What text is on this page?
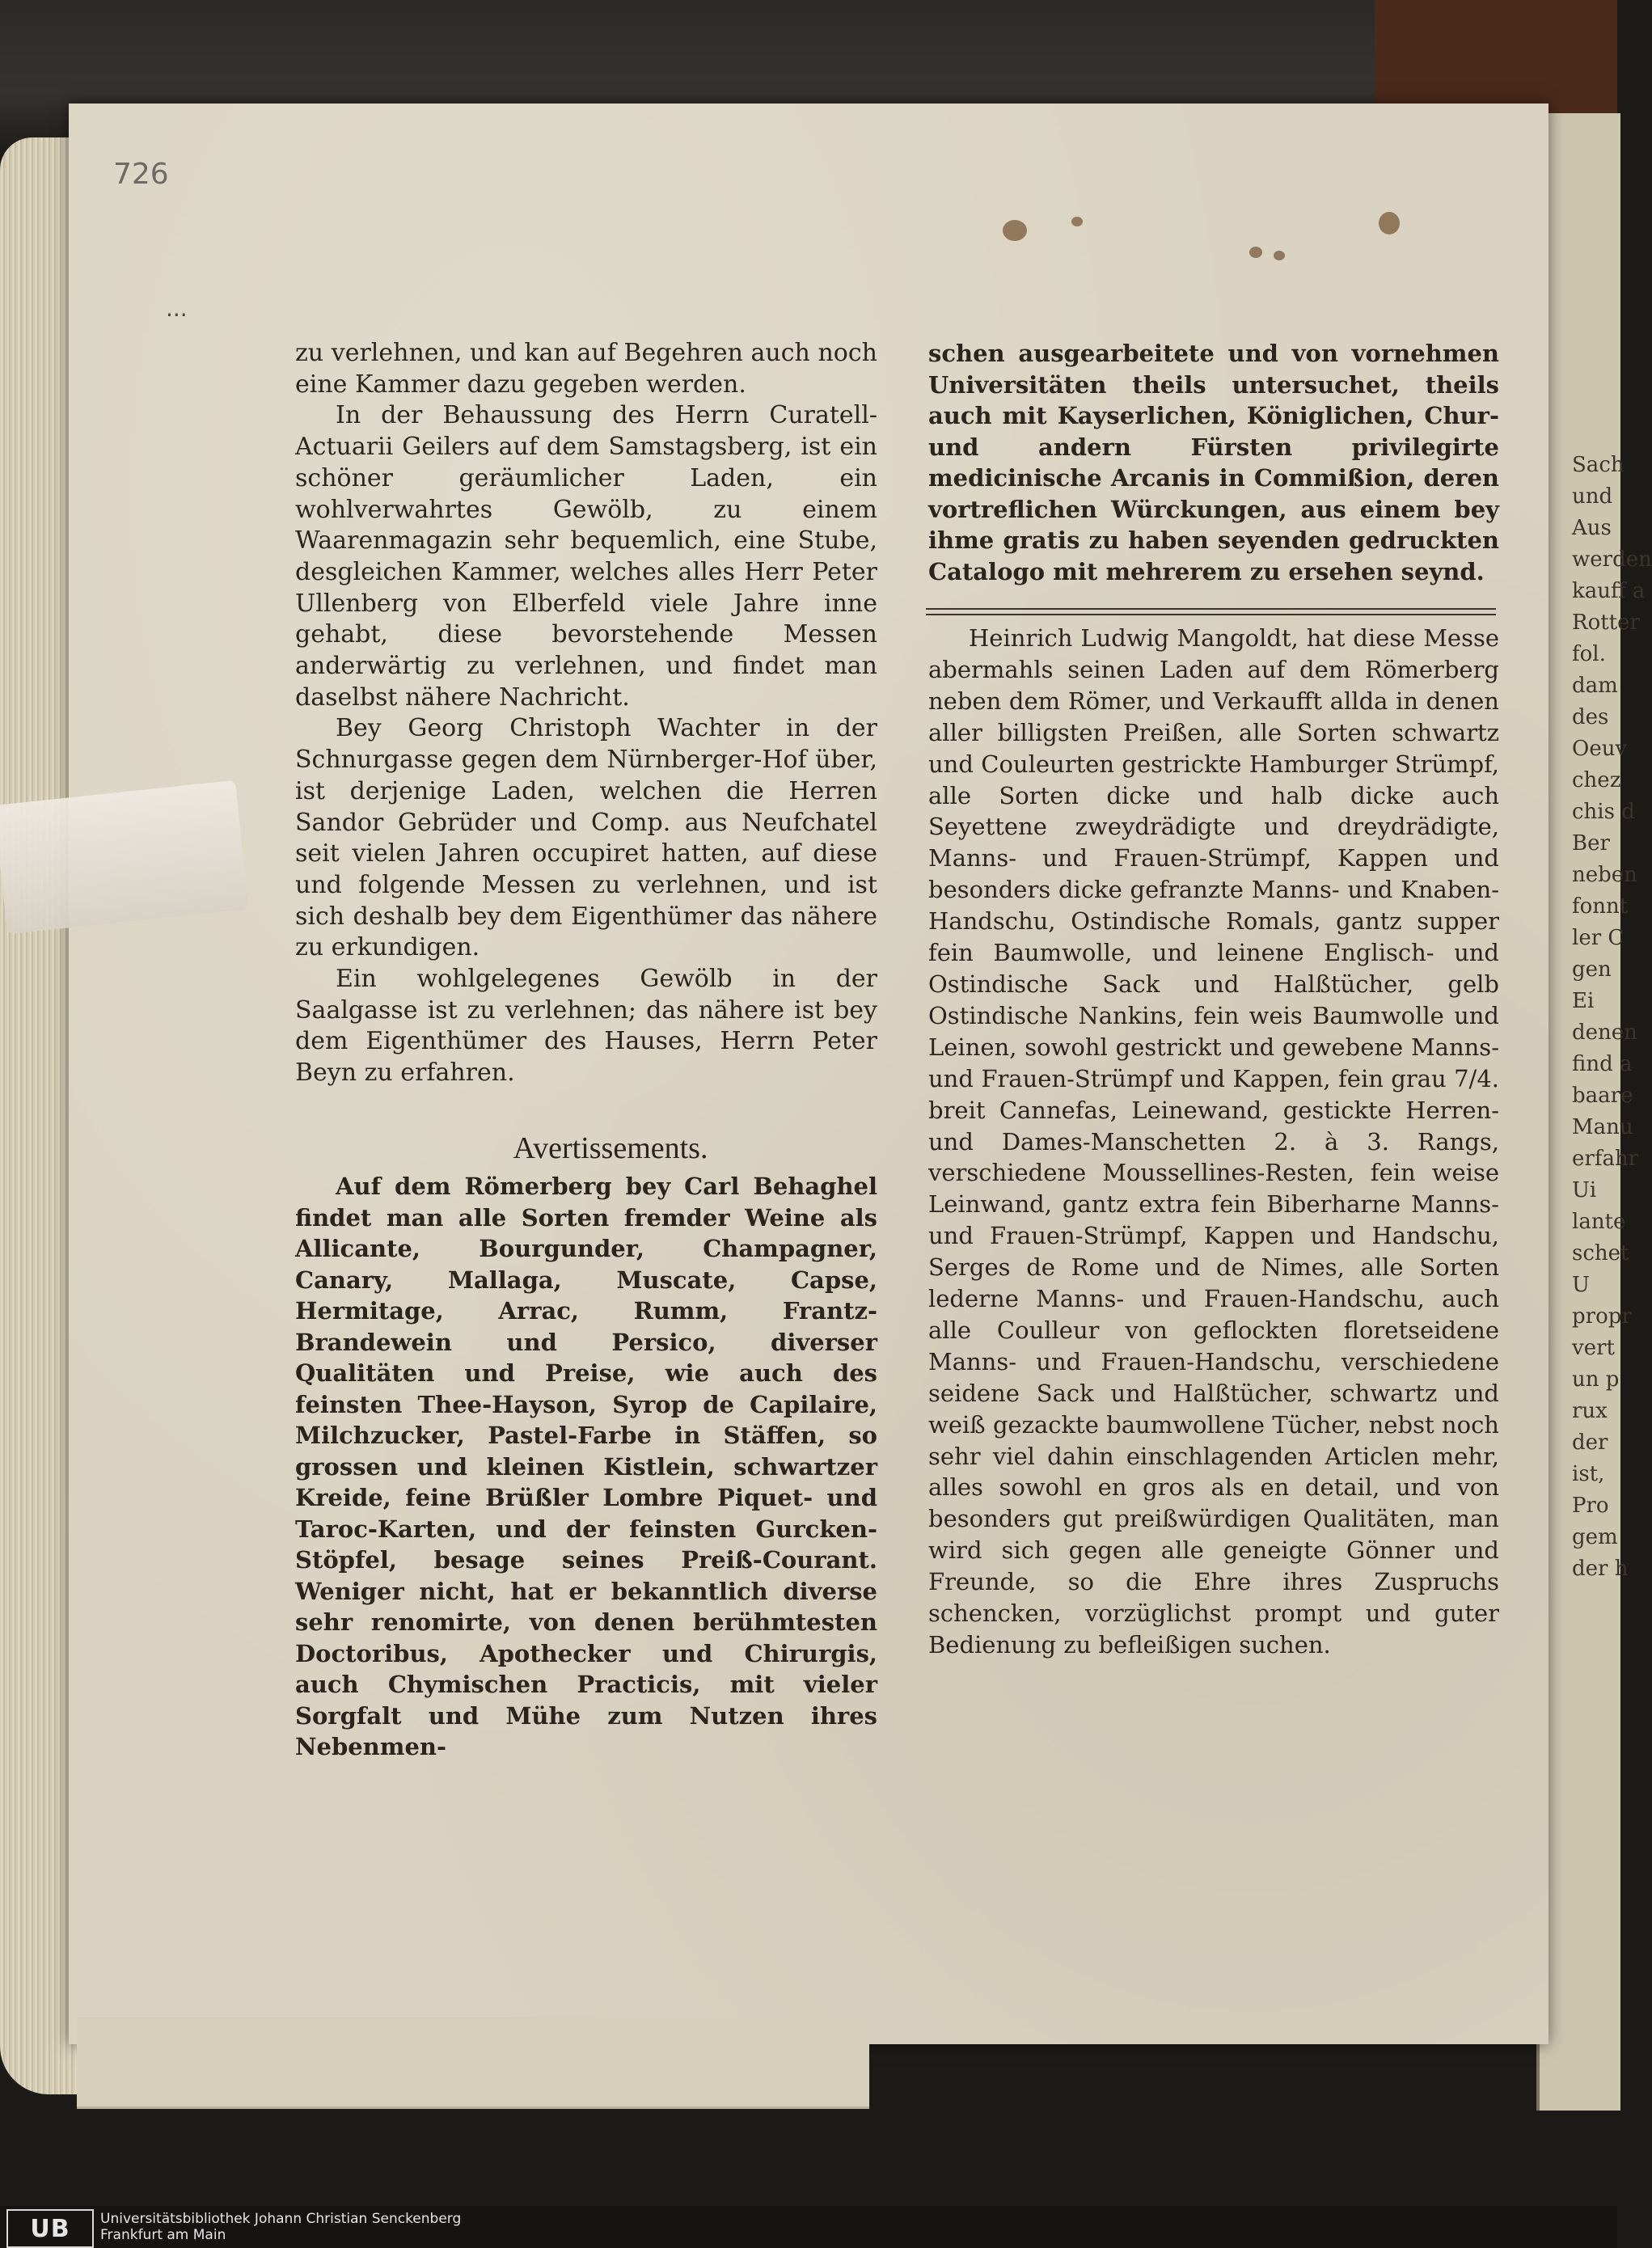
Sach
und
Aus
werden
kauff a
Rotter
fol.
dam
des
Oeuv
chez
chis d
Ber
neben
fonnt
ler C
gen
Ei
denen
find a
baare
Manu
erfahr
Ui
lante
schet
U
propr
vert
un p
rux
der
ist,
Pro
gem
der h
726
...

zu verlehnen, und kan auf Begehren auch noch eine Kammer dazu gegeben werden.

In der Behaussung des Herrn Curatell-Actuarii Geilers auf dem Samstagsberg, ist ein schöner geräumlicher Laden, ein wohlverwahrtes Gewölb, zu einem Waarenmagazin sehr bequemlich, eine Stube, desgleichen Kammer, welches alles Herr Peter Ullenberg von Elberfeld viele Jahre inne gehabt, diese bevorstehende Messen anderwärtig zu verlehnen, und findet man daselbst nähere Nachricht.

Bey Georg Christoph Wachter in der Schnurgasse gegen dem Nürnberger-Hof über, ist derjenige Laden, welchen die Herren Sandor Gebrüder und Comp. aus Neufchatel seit vielen Jahren occupiret hatten, auf diese und folgende Messen zu verlehnen, und ist sich deshalb bey dem Eigenthümer das nähere zu erkundigen.

Ein wohlgelegenes Gewölb in der Saalgasse ist zu verlehnen; das nähere ist bey dem Eigenthümer des Hauses, Herrn Peter Beyn zu erfahren.

Avertissements.

Auf dem Römerberg bey Carl Behaghel findet man alle Sorten fremder Weine als Allicante, Bourgunder, Champagner, Canary, Mallaga, Muscate, Capse, Hermitage, Arrac, Rumm, Frantz-Brandewein und Persico, diverser Qualitäten und Preise, wie auch des feinsten Thee-Hayson, Syrop de Capilaire, Milchzucker, Pastel-Farbe in Stäffen, so grossen und kleinen Kistlein, schwartzer Kreide, feine Brüßler Lombre Piquet- und Taroc-Karten, und der feinsten Gurcken-Stöpfel, besage seines Preiß-Courant. Weniger nicht, hat er bekanntlich diverse sehr renomirte, von denen berühmtesten Doctoribus, Apothecker und Chirurgis, auch Chymischen Practicis, mit vieler Sorgfalt und Mühe zum Nutzen ihres Nebenmen-

schen ausgearbeitete und von vornehmen Universitäten theils untersuchet, theils auch mit Kayserlichen, Königlichen, Chur- und andern Fürsten privilegirte medicinische Arcanis in Commißion, deren vortreflichen Würckungen, aus einem bey ihme gratis zu haben seyenden gedruckten Catalogo mit mehrerem zu ersehen seynd.

Heinrich Ludwig Mangoldt, hat diese Messe abermahls seinen Laden auf dem Römerberg neben dem Römer, und Verkaufft allda in denen aller billigsten Preißen, alle Sorten schwartz und Couleurten gestrickte Hamburger Strümpf, alle Sorten dicke und halb dicke auch Seyettene zweydrädigte und dreydrädigte, Manns- und Frauen-Strümpf, Kappen und besonders dicke gefranzte Manns- und Knaben-Handschu, Ostindische Romals, gantz supper fein Baumwolle, und leinene Englisch- und Ostindische Sack und Halßtücher, gelb Ostindische Nankins, fein weis Baumwolle und Leinen, sowohl gestrickt und gewebene Manns- und Frauen-Strümpf und Kappen, fein grau 7/4. breit Cannefas, Leinewand, gestickte Herren- und Dames-Manschetten 2. à 3. Rangs, verschiedene Moussellines-Resten, fein weise Leinwand, gantz extra fein Biberharne Manns- und Frauen-Strümpf, Kappen und Handschu, Serges de Rome und de Nimes, alle Sorten lederne Manns- und Frauen-Handschu, auch alle Coulleur von geflockten floretseidene Manns- und Frauen-Handschu, verschiedene seidene Sack und Halßtücher, schwartz und weiß gezackte baumwollene Tücher, nebst noch sehr viel dahin einschlagenden Articlen mehr, alles sowohl en gros als en detail, und von besonders gut preißwürdigen Qualitäten, man wird sich gegen alle geneigte Gönner und Freunde, so die Ehre ihres Zuspruchs schencken, vorzüglichst prompt und guter Bedienung zu befleißigen suchen.

UB	Universitätsbibliothek Johann Christian Senckenberg
Frankfurt am Main
